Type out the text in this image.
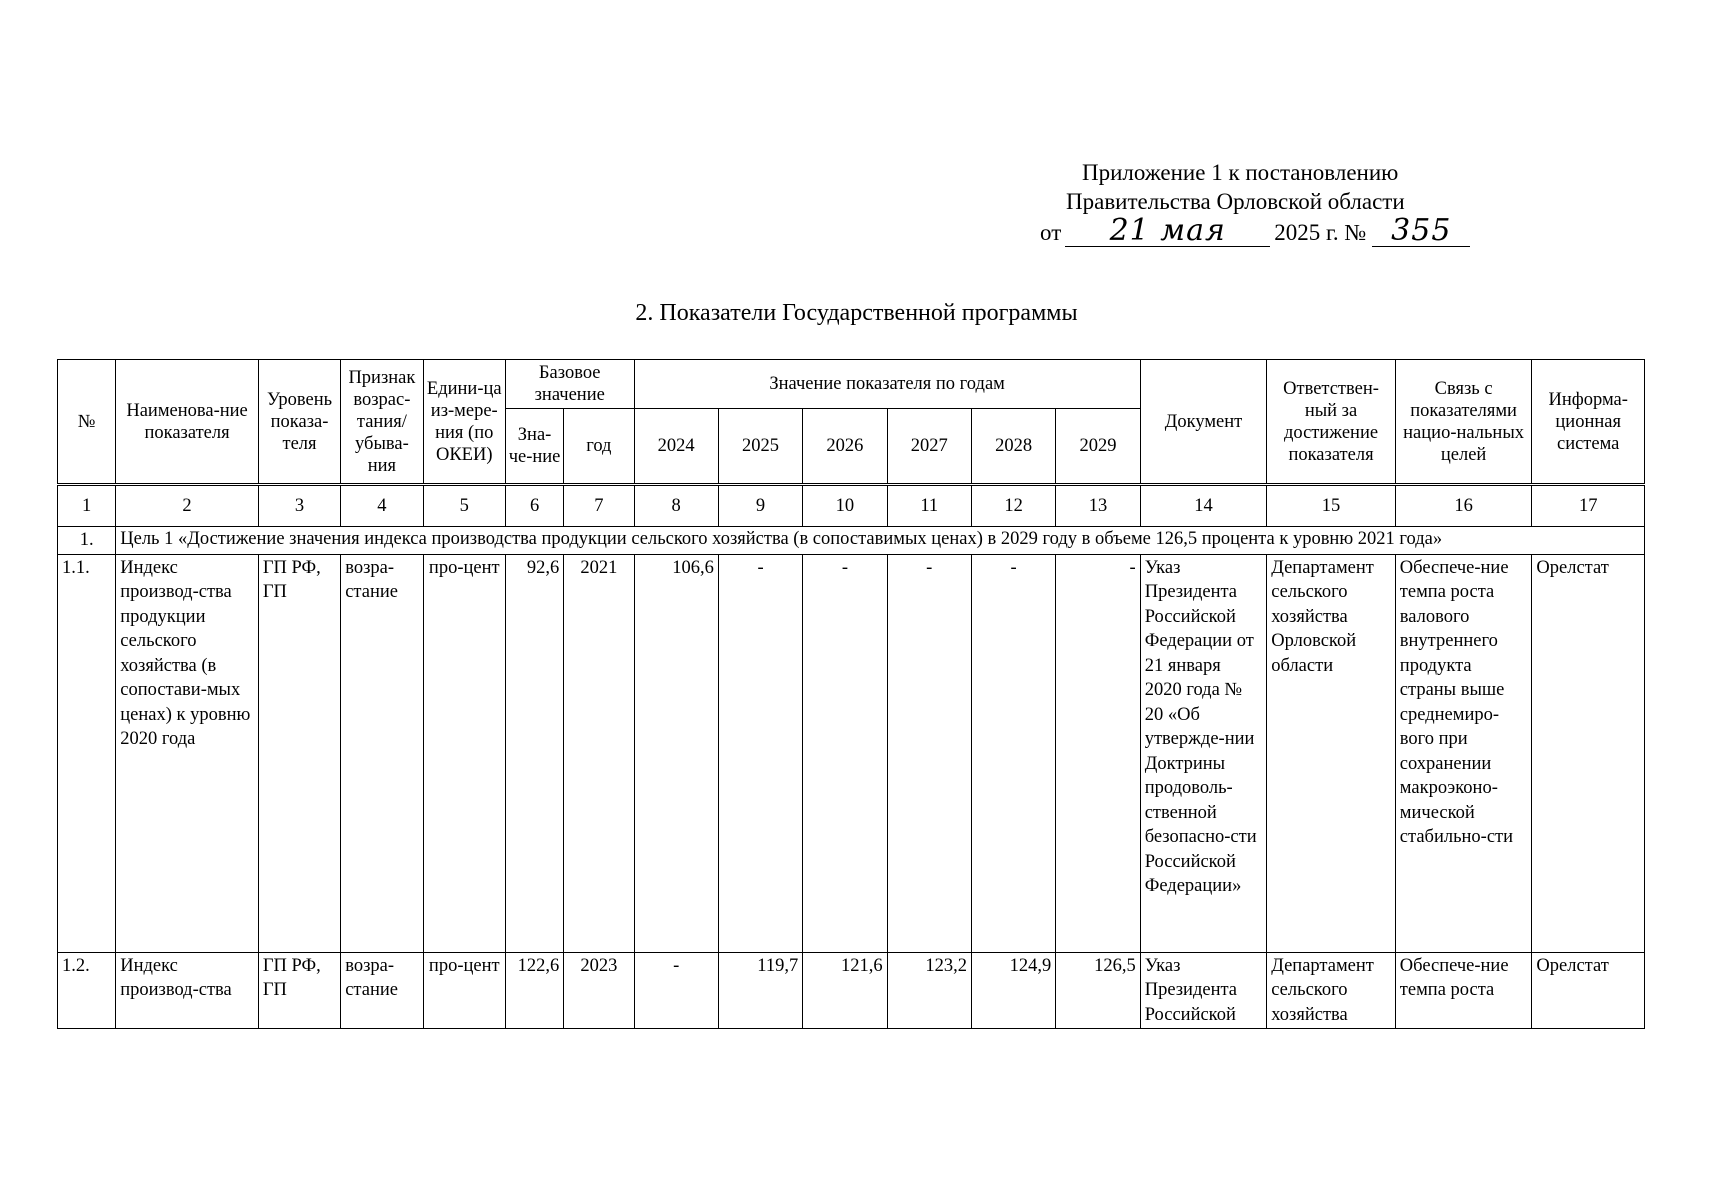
Приложение 1 к постановлению
Правительства Орловской области
от	21 мая	2025 г. № 355
2. Показатели Государственной программы
№	Наименова-ние показателя	Уровень показа-теля	Признак возрас-тания/ убыва-ния	Едини-ца из-мере-ния (по ОКЕИ)	Базовое значение		Значение показателя по годам						Документ	Ответствен-ный за достижение показателя	Связь с показателями нацио-нальных целей	Информа-ционная система
					Зна-че-ние	год	2024	2025	2026	2027	2028	2029				
1	2	3	4	5	6	7	8	9	10	11	12	13	14	15	16	17
1.	Цель 1 «Достижение значения индекса производства продукции сельского хозяйства (в сопоставимых ценах) в 2029 году в объеме 126,5 процента к уровню 2021 года»															
1.1.	Индекс производ-ства продукции сельского хозяйства (в сопостави-мых ценах) к уровню 2020 года	ГП РФ, ГП	возра-стание	про-цент	92,6	2021	106,6	-	-	-	-	-	Указ Президента Российской Федерации от 21 января 2020 года № 20 «Об утвержде-нии Доктрины продоволь-ственной безопасно-сти Российской Федерации»	Департамент сельского хозяйства Орловской области	Обеспече-ние темпа роста валового внутреннего продукта страны выше среднемиро-вого при сохранении макроэконо-мической стабильно-сти	Орелстат
1.2.	Индекс производ-ства	ГП РФ, ГП	возра-стание	про-цент	122,6	2023	-	119,7	121,6	123,2	124,9	126,5	Указ Президента Российской	Департамент сельского хозяйства	Обеспече-ние темпа роста	Орелстат
